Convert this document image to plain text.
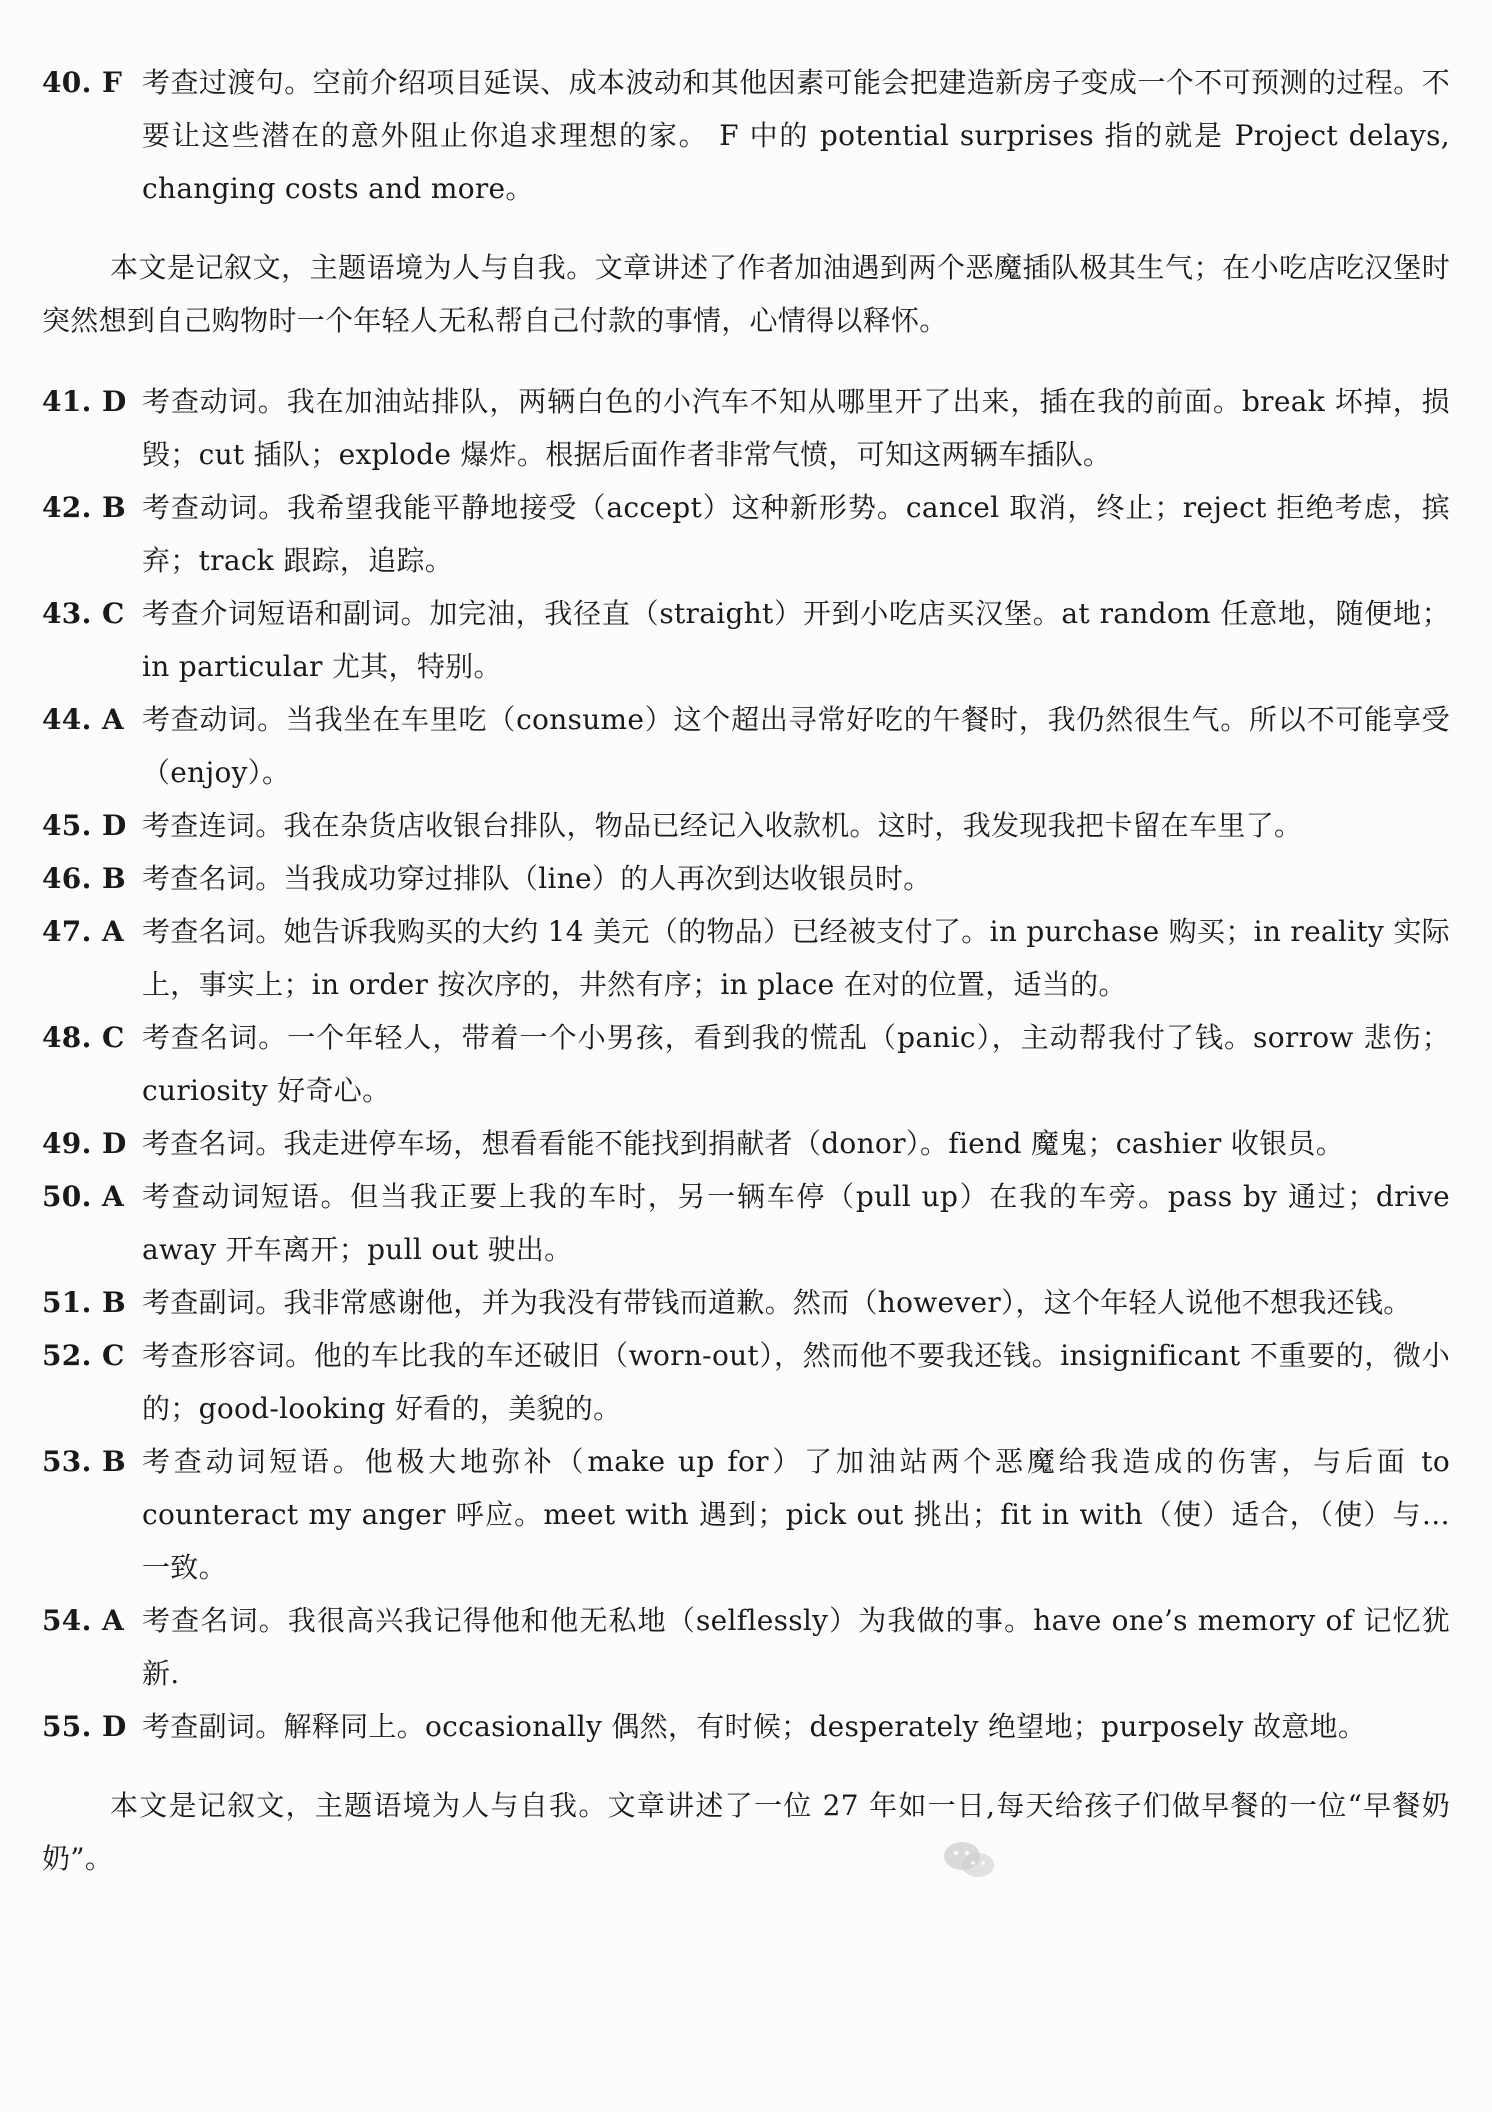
40. F 考查过渡句。空前介绍项目延误、成本波动和其他因素可能会把建造新房子变成一个不可预测的过程。不要让这些潜在的意外阻止你追求理想的家。 F 中的 potential surprises 指的就是 Project delays, changing costs and more。

本文是记叙文，主题语境为人与自我。文章讲述了作者加油遇到两个恶魔插队极其生气；在小吃店吃汉堡时突然想到自己购物时一个年轻人无私帮自己付款的事情，心情得以释怀。

41. D 考查动词。我在加油站排队，两辆白色的小汽车不知从哪里开了出来，插在我的前面。break 坏掉，损毁；cut 插队；explode 爆炸。根据后面作者非常气愤，可知这两辆车插队。
42. B 考查动词。我希望我能平静地接受（accept）这种新形势。cancel 取消，终止；reject 拒绝考虑，摈弃；track 跟踪，追踪。
43. C 考查介词短语和副词。加完油，我径直（straight）开到小吃店买汉堡。at random 任意地，随便地；in particular 尤其，特别。
44. A 考查动词。当我坐在车里吃（consume）这个超出寻常好吃的午餐时，我仍然很生气。所以不可能享受（enjoy）。
45. D 考查连词。我在杂货店收银台排队，物品已经记入收款机。这时，我发现我把卡留在车里了。
46. B 考查名词。当我成功穿过排队（line）的人再次到达收银员时。
47. A 考查名词。她告诉我购买的大约 14 美元（的物品）已经被支付了。in purchase 购买；in reality 实际上，事实上；in order 按次序的，井然有序；in place 在对的位置，适当的。
48. C 考查名词。一个年轻人，带着一个小男孩，看到我的慌乱（panic），主动帮我付了钱。sorrow 悲伤；curiosity 好奇心。
49. D 考查名词。我走进停车场，想看看能不能找到捐献者（donor）。fiend 魔鬼；cashier 收银员。
50. A 考查动词短语。但当我正要上我的车时，另一辆车停（pull up）在我的车旁。pass by 通过；drive away 开车离开；pull out 驶出。
51. B 考查副词。我非常感谢他，并为我没有带钱而道歉。然而（however），这个年轻人说他不想我还钱。
52. C 考查形容词。他的车比我的车还破旧（worn-out），然而他不要我还钱。insignificant 不重要的，微小的；good-looking 好看的，美貌的。
53. B 考查动词短语。他极大地弥补（make up for）了加油站两个恶魔给我造成的伤害，与后面 to counteract my anger 呼应。meet with 遇到；pick out 挑出；fit in with（使）适合，（使）与…一致。
54. A 考查名词。我很高兴我记得他和他无私地（selflessly）为我做的事。have one’s memory of 记忆犹新.
55. D 考查副词。解释同上。occasionally 偶然，有时候；desperately 绝望地；purposely 故意地。

本文是记叙文，主题语境为人与自我。文章讲述了一位 27 年如一日,每天给孩子们做早餐的一位“早餐奶奶”。
